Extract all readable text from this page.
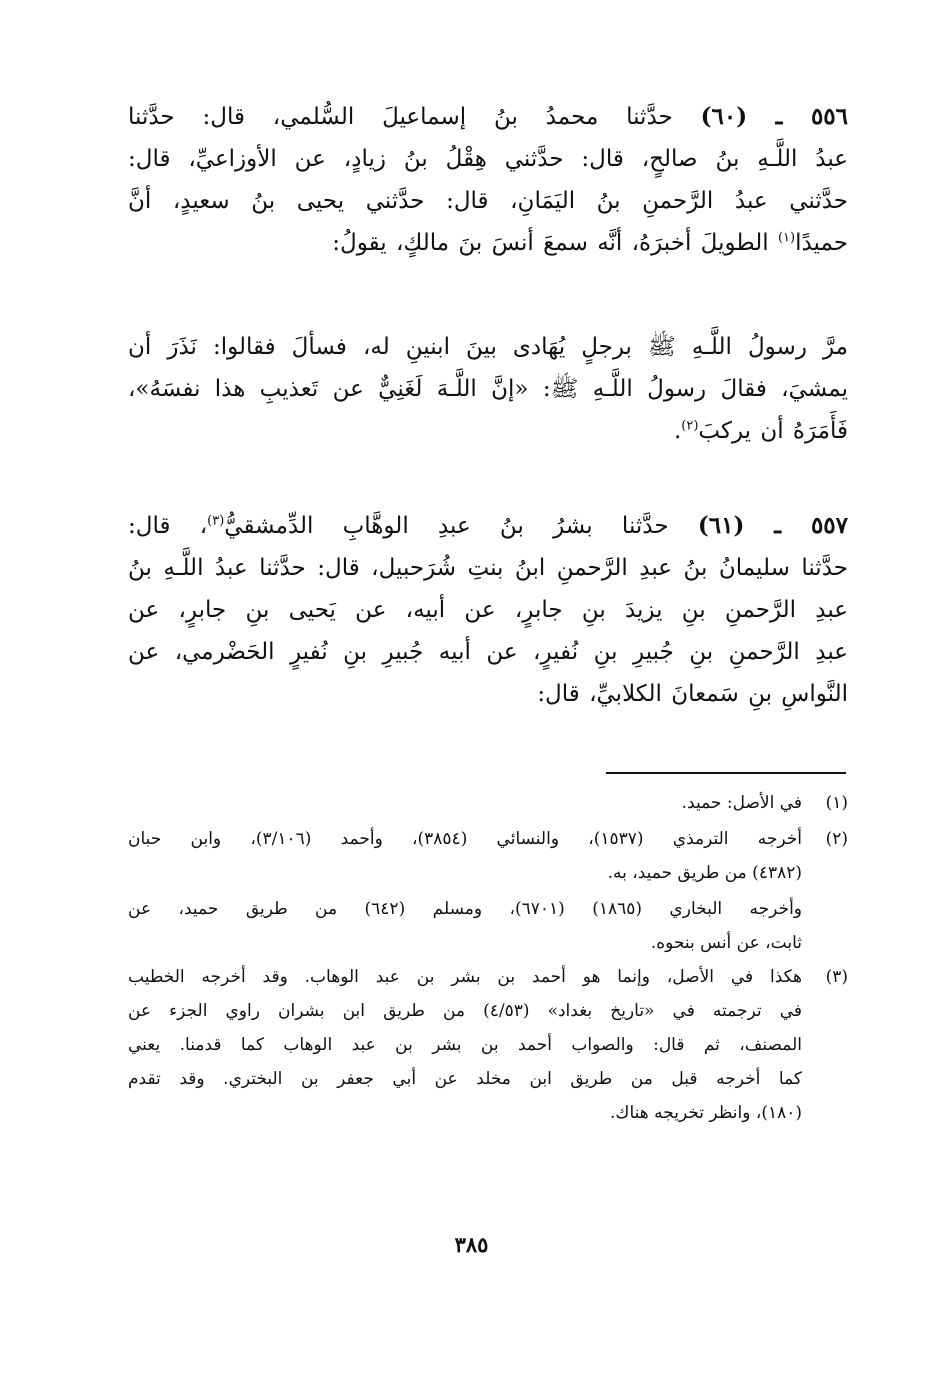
٥٥٦ ـ (٦٠) حدَّثنا محمدُ بنُ إسماعيلَ السُّلمي، قال: حدَّثنا
عبدُ اللَّـهِ بنُ صالحٍ، قال: حدَّثني هِقْلُ بنُ زيادٍ، عن الأوزاعيِّ، قال:
حدَّثني عبدُ الرَّحمنِ بنُ اليَمَانِ، قال: حدَّثني يحيى بنُ سعيدٍ، أنَّ
حميدًا$^{(١)}$ الطويلَ أخبرَهُ، أنَّه سمعَ أنسَ بنَ مالكٍ، يقولُ:
مرَّ رسولُ اللَّـهِ ﷺ برجلٍ يُهَادى بينَ ابنينِ له، فسألَ فقالوا: نَذَرَ أن
يمشيَ، فقالَ رسولُ اللَّـهِ ﷺ: «إنَّ اللَّـهَ لَغَنِيٌّ عن تَعذيبِ هذا نفسَهُ»،
فَأَمَرَهُ أن يركبَ$^{(٢)}$.
٥٥٧ ـ (٦١) حدَّثنا بشرُ بنُ عبدِ الوهَّابِ الدِّمشقيُّ$^{(٣)}$، قال:
حدَّثنا سليمانُ بنُ عبدِ الرَّحمنِ ابنُ بنتِ شُرَحبيل، قال: حدَّثنا عبدُ اللَّـهِ بنُ
عبدِ الرَّحمنِ بنِ يزيدَ بنِ جابرٍ، عن أبيه، عن يَحيى بنِ جابرٍ، عن
عبدِ الرَّحمنِ بنِ جُبيرِ بنِ نُفيرٍ، عن أبيه جُبيرِ بنِ نُفيرٍ الحَضْرمي، عن
النَّواسِ بنِ سَمعانَ الكلابيِّ، قال:
(١)
في الأصل: حميد.
(٢)
أخرجه الترمذي (١٥٣٧)، والنسائي (٣٨٥٤)، وأحمد (٣/١٠٦)، وابن حبان
(٤٣٨٢) من طريق حميد، به.
وأخرجه البخاري (١٨٦٥) (٦٧٠١)، ومسلم (٦٤٢) من طريق حميد، عن
ثابت، عن أنس بنحوه.
(٣)
هكذا في الأصل، وإنما هو أحمد بن بشر بن عبد الوهاب. وقد أخرجه الخطيب
في ترجمته في «تاريخ بغداد» (٤/٥٣) من طريق ابن بشران راوي الجزء عن
المصنف، ثم قال: والصواب أحمد بن بشر بن عبد الوهاب كما قدمنا. يعني
كما أخرجه قبل من طريق ابن مخلد عن أبي جعفر بن البختري. وقد تقدم
(١٨٠)، وانظر تخريجه هناك.
٣٨٥
